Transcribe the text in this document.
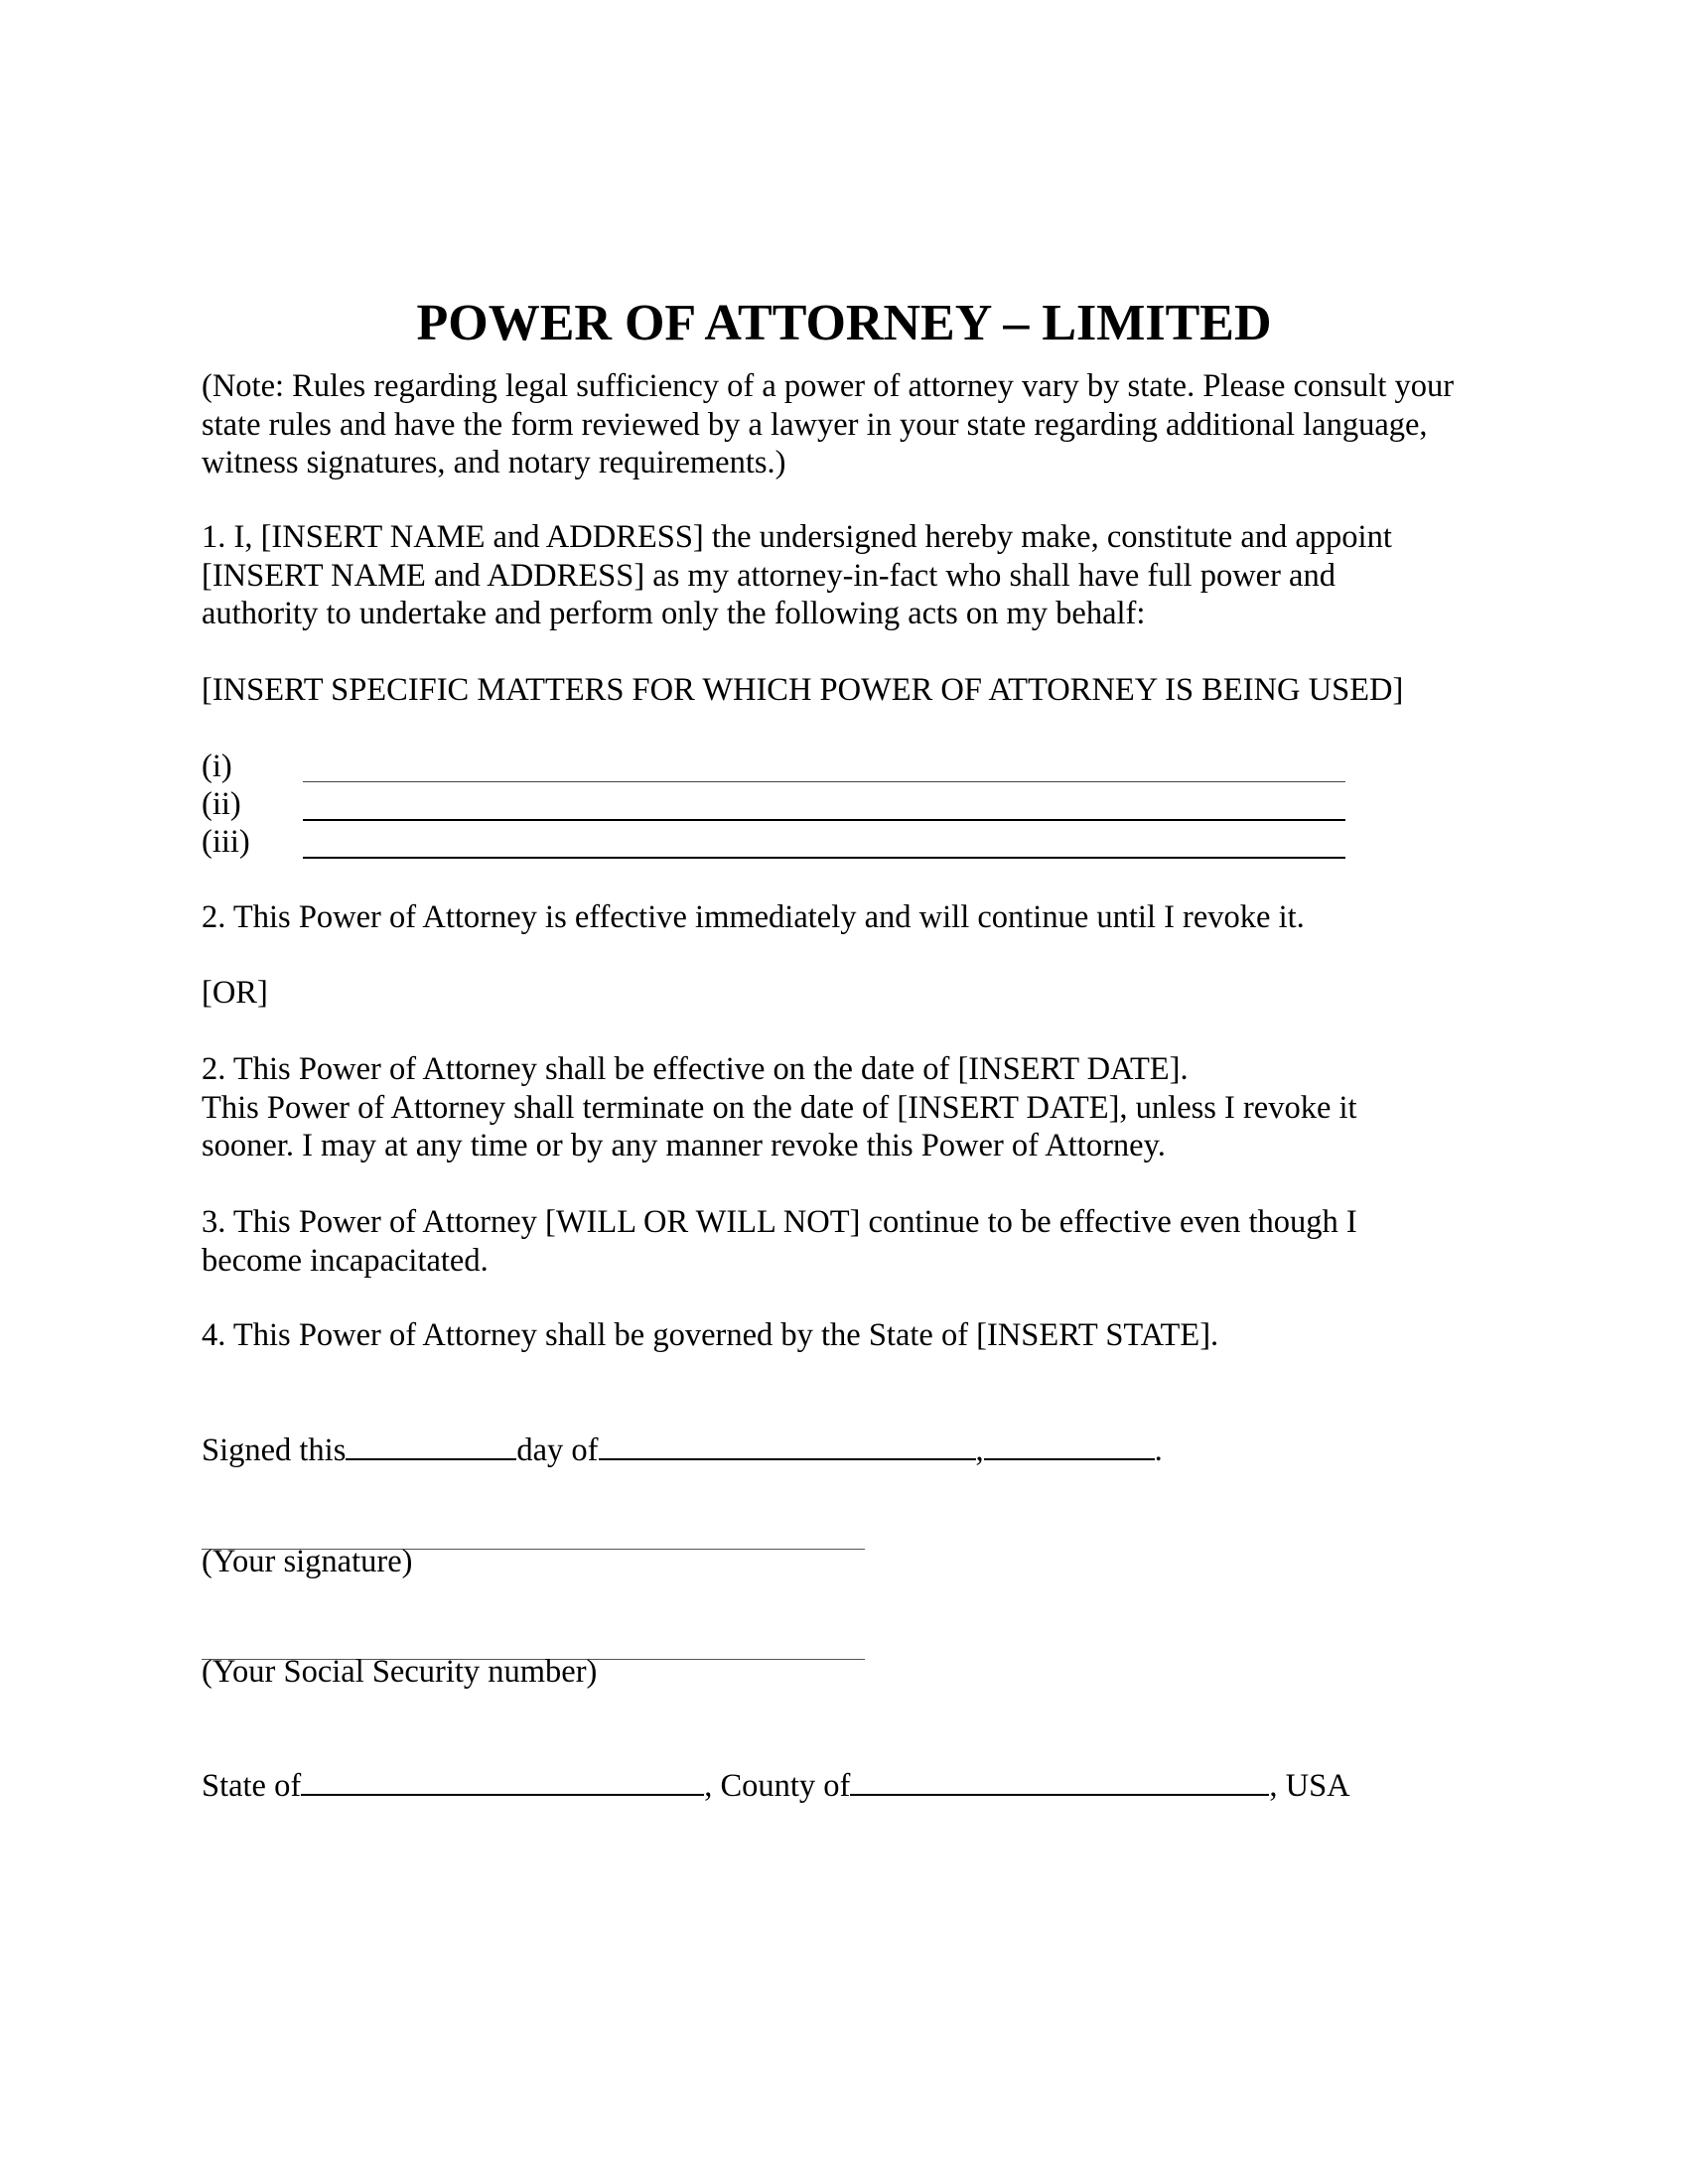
POWER OF ATTORNEY – LIMITED
(Note: Rules regarding legal sufficiency of a power of attorney vary by state. Please consult your
state rules and have the form reviewed by a lawyer in your state regarding additional language,
witness signatures, and notary requirements.)
1. I, [INSERT NAME and ADDRESS] the undersigned hereby make, constitute and appoint
[INSERT NAME and ADDRESS] as my attorney-in-fact who shall have full power and
authority to undertake and perform only the following acts on my behalf:
[INSERT SPECIFIC MATTERS FOR WHICH POWER OF ATTORNEY IS BEING USED]
(i)
(ii)
(iii)
2. This Power of Attorney is effective immediately and will continue until I revoke it.
[OR]
2. This Power of Attorney shall be effective on the date of [INSERT DATE].
This Power of Attorney shall terminate on the date of [INSERT DATE], unless I revoke it
sooner. I may at any time or by any manner revoke this Power of Attorney.
3. This Power of Attorney [WILL OR WILL NOT] continue to be effective even though I
become incapacitated.
4. This Power of Attorney shall be governed by the State of [INSERT STATE].
Signed this	day of	,	.
(Your signature)
(Your Social Security number)
State of	, County of	, USA
